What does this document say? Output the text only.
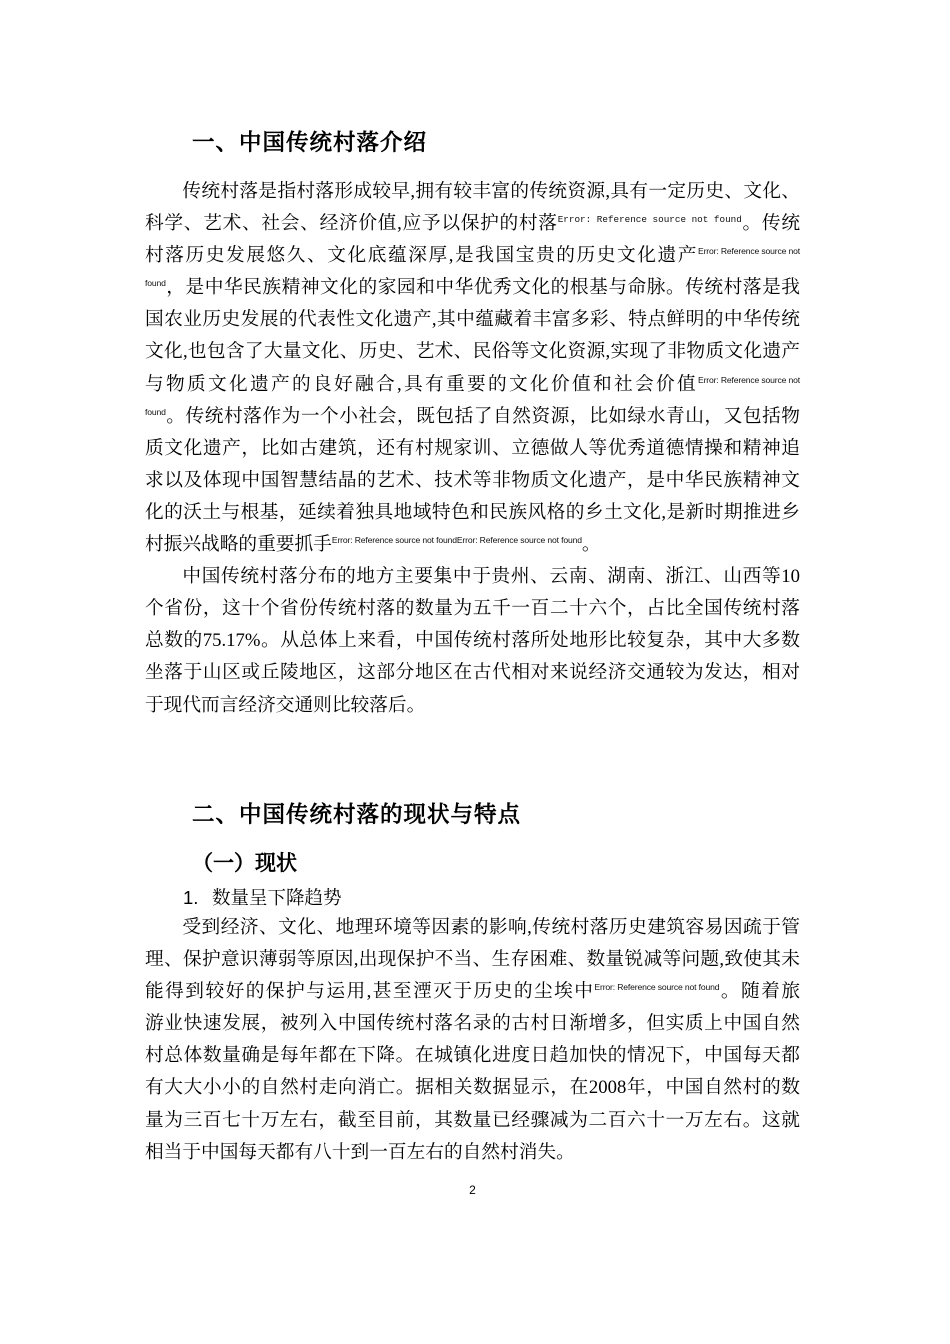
一、中国传统村落介绍
传统村落是指村落形成较早,拥有较丰富的传统资源,具有一定历史、文化、
科学、艺术、社会、经济价值,应予以保护的村落Error: Reference source not found。传统
村落历史发展悠久、文化底蕴深厚,是我国宝贵的历史文化遗产Error: Reference source not
found，是中华民族精神文化的家园和中华优秀文化的根基与命脉。传统村落是我
国农业历史发展的代表性文化遗产,其中蕴藏着丰富多彩、特点鲜明的中华传统
文化,也包含了大量文化、历史、艺术、民俗等文化资源,实现了非物质文化遗产
与物质文化遗产的良好融合,具有重要的文化价值和社会价值Error: Reference source not
found。传统村落作为一个小社会，既包括了自然资源，比如绿水青山，又包括物
质文化遗产，比如古建筑，还有村规家训、立德做人等优秀道德情操和精神追
求以及体现中国智慧结晶的艺术、技术等非物质文化遗产，是中华民族精神文
化的沃土与根基，延续着独具地域特色和民族风格的乡土文化,是新时期推进乡
村振兴战略的重要抓手Error: Reference source not foundError: Reference source not found。
中国传统村落分布的地方主要集中于贵州、云南、湖南、浙江、山西等10
个省份，这十个省份传统村落的数量为五千一百二十六个，占比全国传统村落
总数的75.17%。从总体上来看，中国传统村落所处地形比较复杂，其中大多数
坐落于山区或丘陵地区，这部分地区在古代相对来说经济交通较为发达，相对
于现代而言经济交通则比较落后。
二、中国传统村落的现状与特点
（一）现状
1. 数量呈下降趋势
受到经济、文化、地理环境等因素的影响,传统村落历史建筑容易因疏于管
理、保护意识薄弱等原因,出现保护不当、生存困难、数量锐减等问题,致使其未
能得到较好的保护与运用,甚至湮灭于历史的尘埃中Error: Reference source not found。随着旅
游业快速发展，被列入中国传统村落名录的古村日渐增多，但实质上中国自然
村总体数量确是每年都在下降。在城镇化进度日趋加快的情况下，中国每天都
有大大小小的自然村走向消亡。据相关数据显示，在2008年，中国自然村的数
量为三百七十万左右，截至目前，其数量已经骤减为二百六十一万左右。这就
相当于中国每天都有八十到一百左右的自然村消失。
2
